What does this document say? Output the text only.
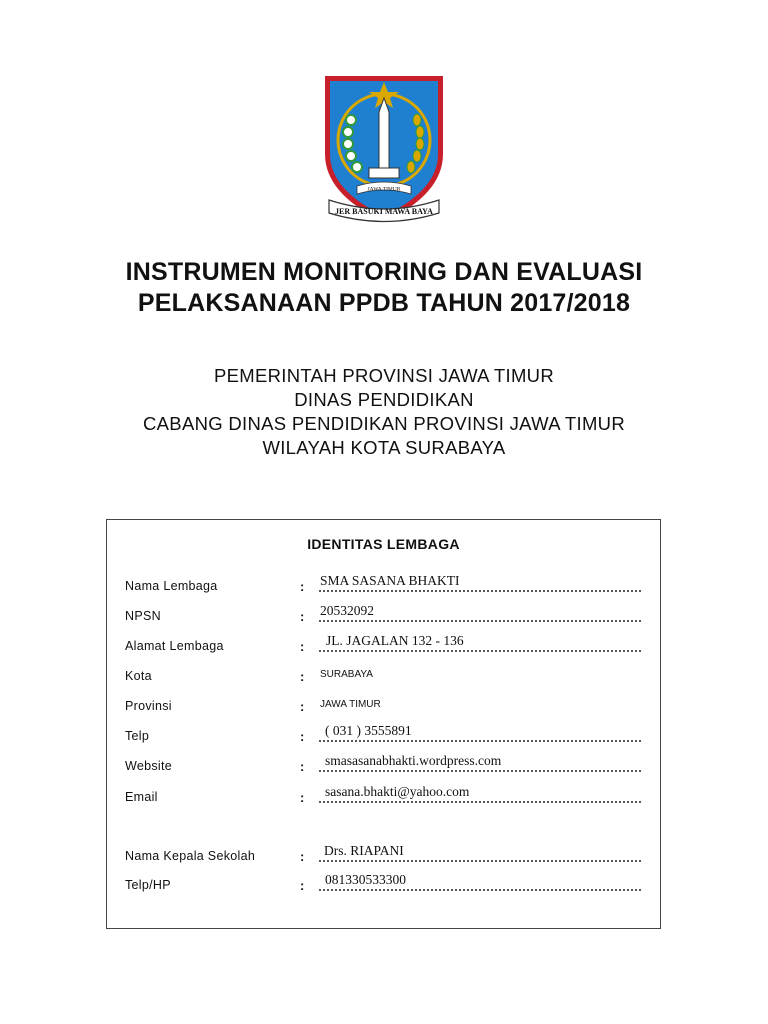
JAWA TIMUR
JER BASUKI MAWA BAYA
INSTRUMEN MONITORING DAN EVALUASI
PELAKSANAAN PPDB TAHUN 2017/2018
PEMERINTAH PROVINSI JAWA TIMUR
DINAS PENDIDIKAN
CABANG DINAS PENDIDIKAN PROVINSI JAWA TIMUR
WILAYAH KOTA SURABAYA
IDENTITAS LEMBAGA
Nama Lembaga	: SMA SASANA BHAKTI
NPSN	: 20532092
Alamat Lembaga	: JL. JAGALAN 132 - 136
Kota	: SURABAYA
Provinsi	: JAWA TIMUR
Telp	: ( 031 ) 3555891
Website	: smasasanabhakti.wordpress.com
Email	: sasana.bhakti@yahoo.com
Nama Kepala Sekolah	: Drs. RIAPANI
Telp/HP	: 081330533300
